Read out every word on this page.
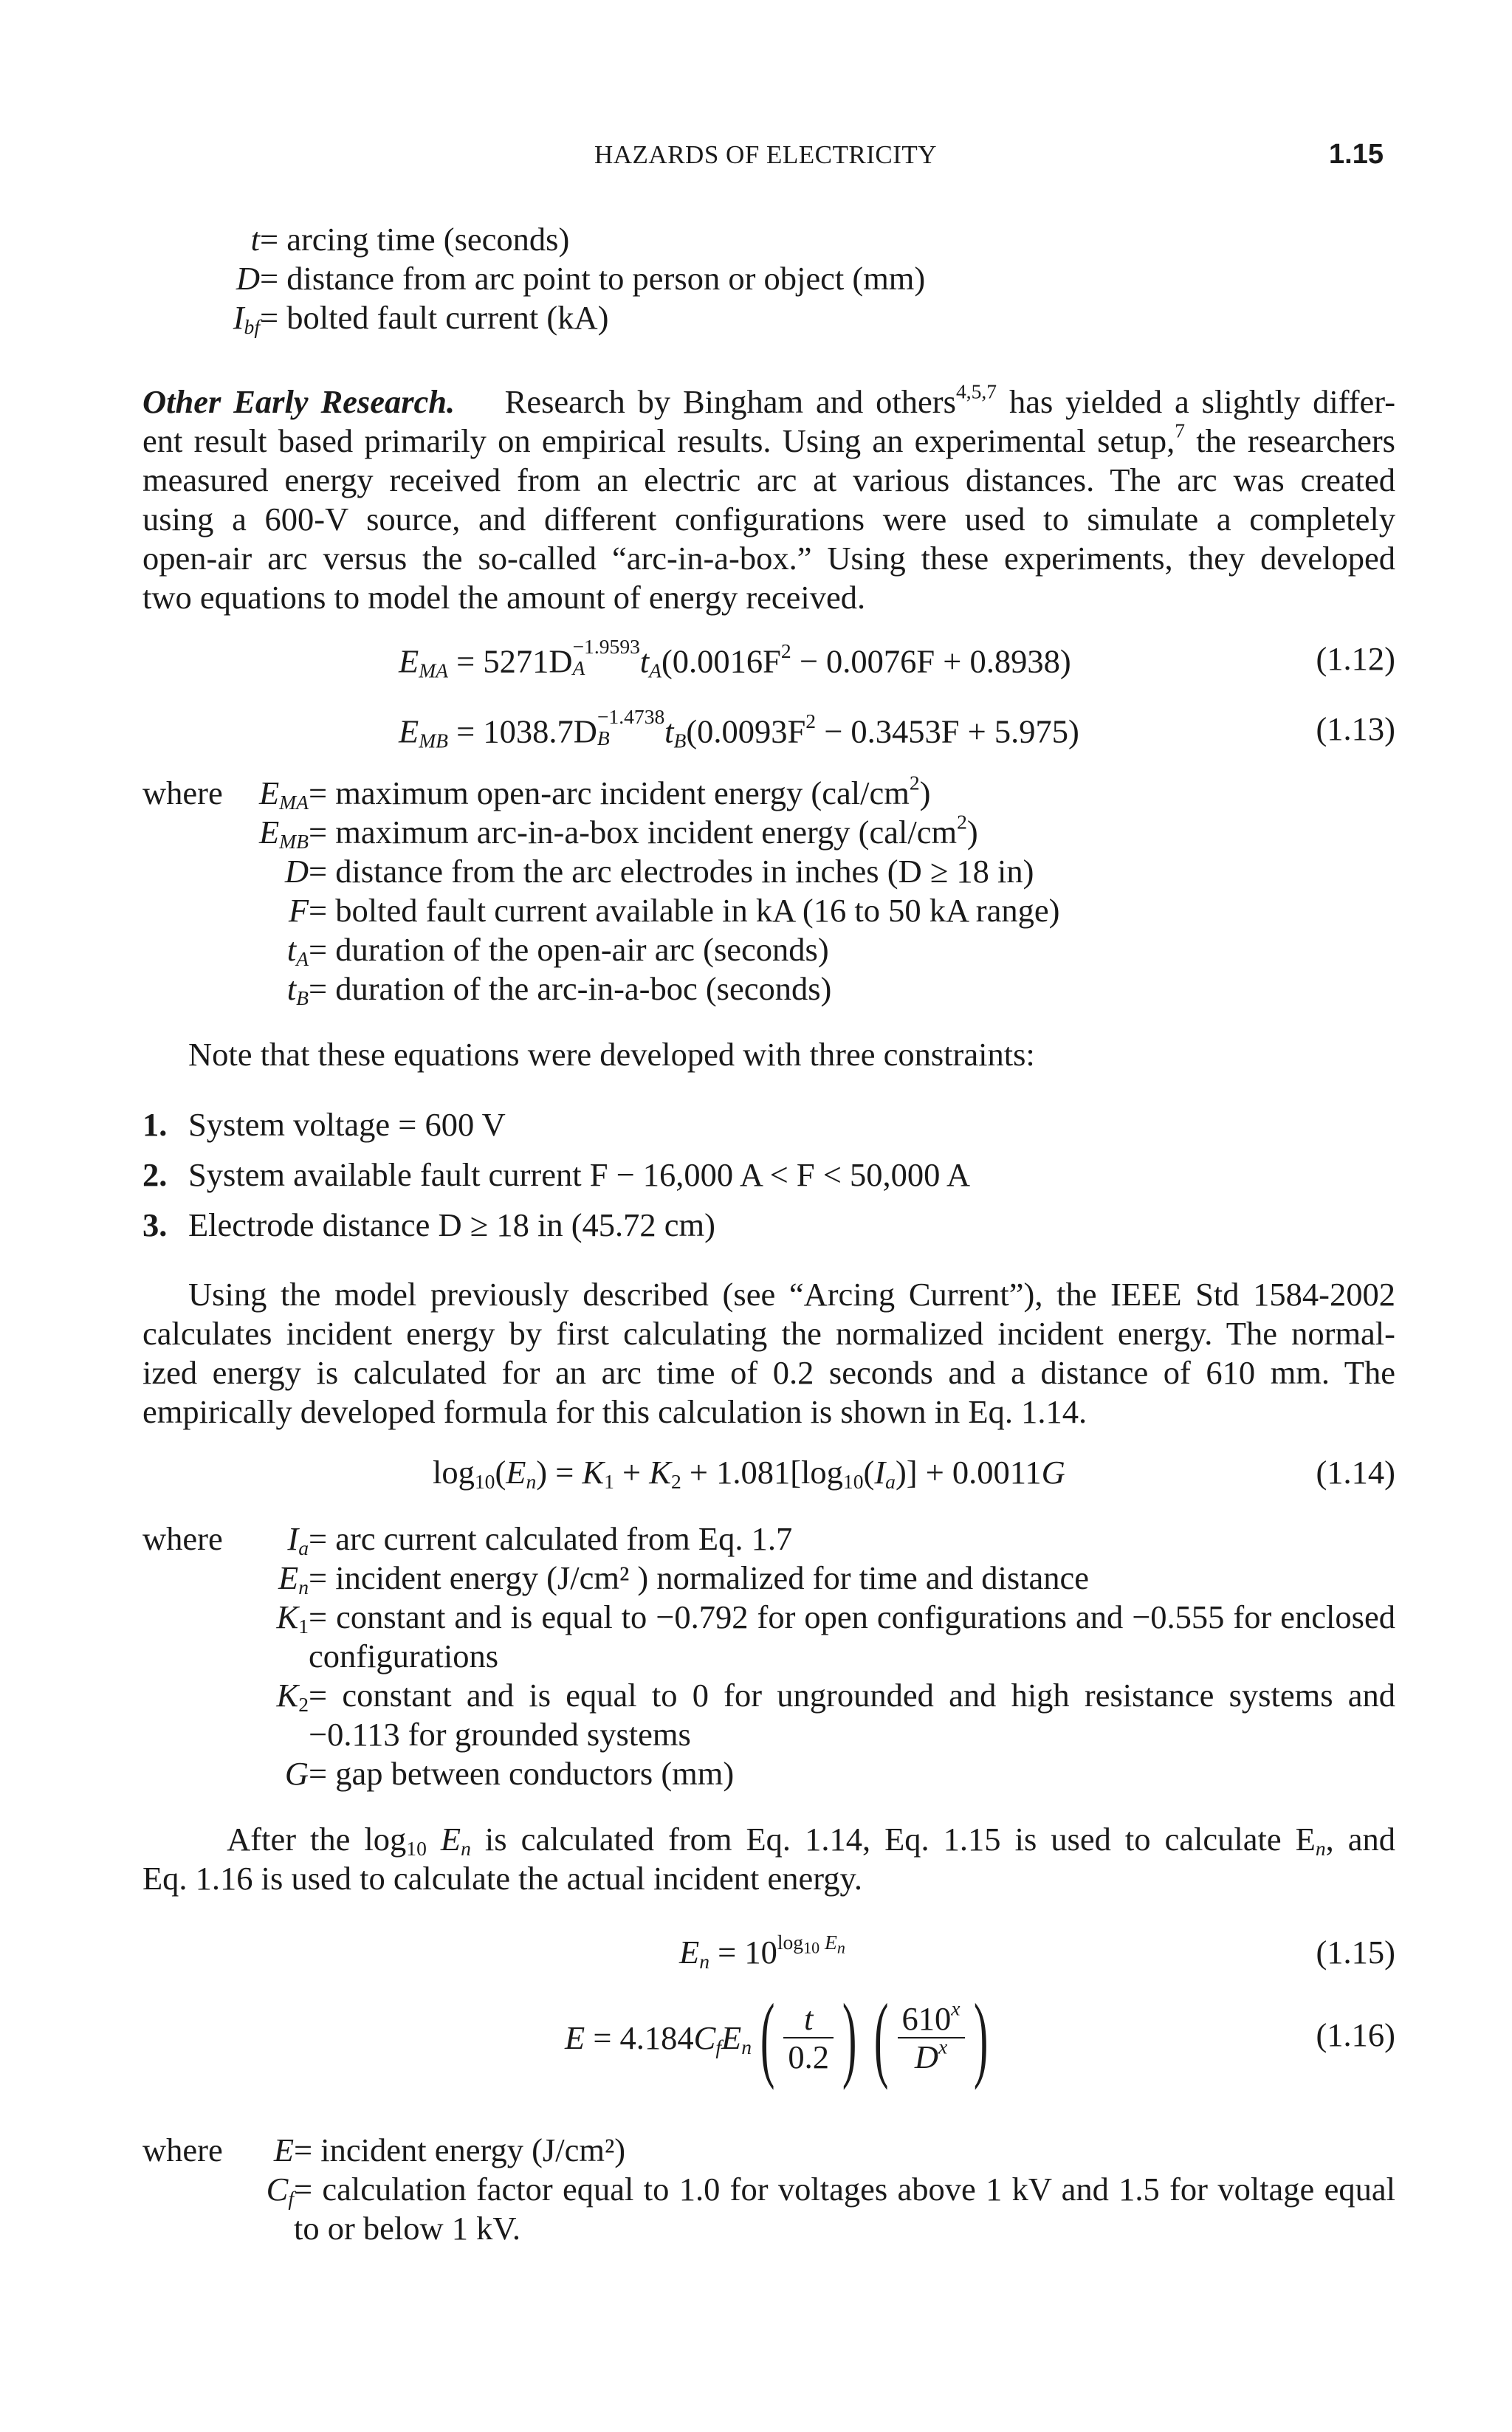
HAZARDS OF ELECTRICITY	1.15
t = arcing time (seconds)
D = distance from arc point to person or object (mm)
$I_{bf}$ = bolted fault current (kA)
Other Early Research. Research by Bingham and others$^{4,5,7}$ has yielded a slightly differ-
ent result based primarily on empirical results. Using an experimental setup,$^7$ the researchers
measured energy received from an electric arc at various distances. The arc was created
using a 600-V source, and different configurations were used to simulate a completely
open-air arc versus the so-called “arc-in-a-box.” Using these experiments, they developed
two equations to model the amount of energy received.
$E_{MA} = 5271D -1.9593$
A $t_A(0.0016F^2 - 0.0076F + 0.8938)$	(1.12)
$E_{MB} = 1038.7D -1.4738$
B $t_B(0.0093F^2 - 0.3453F + 5.975)$	(1.13)
where	$E_{MA}$ = maximum open-arc incident energy $(cal/cm^2)$
$E_{MB}$ = maximum arc-in-a-box incident energy $(cal/cm^2)$
D = distance from the arc electrodes in inches (D ≥ 18 in)
F = bolted fault current available in kA (16 to 50 kA range)
$t_A$ = duration of the open-air arc (seconds)
$t_B$ = duration of the arc-in-a-boc (seconds)
Note that these equations were developed with three constraints:
1. System voltage = 600 V
2. System available fault current F − 16,000 A < F < 50,000 A
3. Electrode distance D ≥ 18 in (45.72 cm)
Using the model previously described (see “Arcing Current”), the IEEE Std 1584-2002
calculates incident energy by first calculating the normalized incident energy. The normal-
ized energy is calculated for an arc time of 0.2 seconds and a distance of 610 mm. The
empirically developed formula for this calculation is shown in Eq. 1.14.
$\log_{10}(E_n) = K_1 + K_2 + 1.081[\log_{10}(I_a)] + 0.0011G$	(1.14)
where	$I_a$ = arc current calculated from Eq. 1.7
$E_n$ = incident energy (J/cm² ) normalized for time and distance
$K_1$ = constant and is equal to −0.792 for open configurations and −0.555 for enclosed
configurations
$K_2$ = constant and is equal to 0 for ungrounded and high resistance systems and
−0.113 for grounded systems
G = gap between conductors (mm)
After the $\log_{10} E_n$ is calculated from Eq. 1.14, Eq. 1.15 is used to calculate $E_n$, and
Eq. 1.16 is used to calculate the actual incident energy.
$E_n = 10^{log_{10} E_n}$	(1.15)
$E = 4.184C_fE_n( \frac{t}{0.2}$ ) ( $\frac{610^x}{D^x}$ )	(1.16)
where	E = incident energy (J/cm²)
$C_f$ = calculation factor equal to 1.0 for voltages above 1 kV and 1.5 for voltage equal
to or below 1 kV.
